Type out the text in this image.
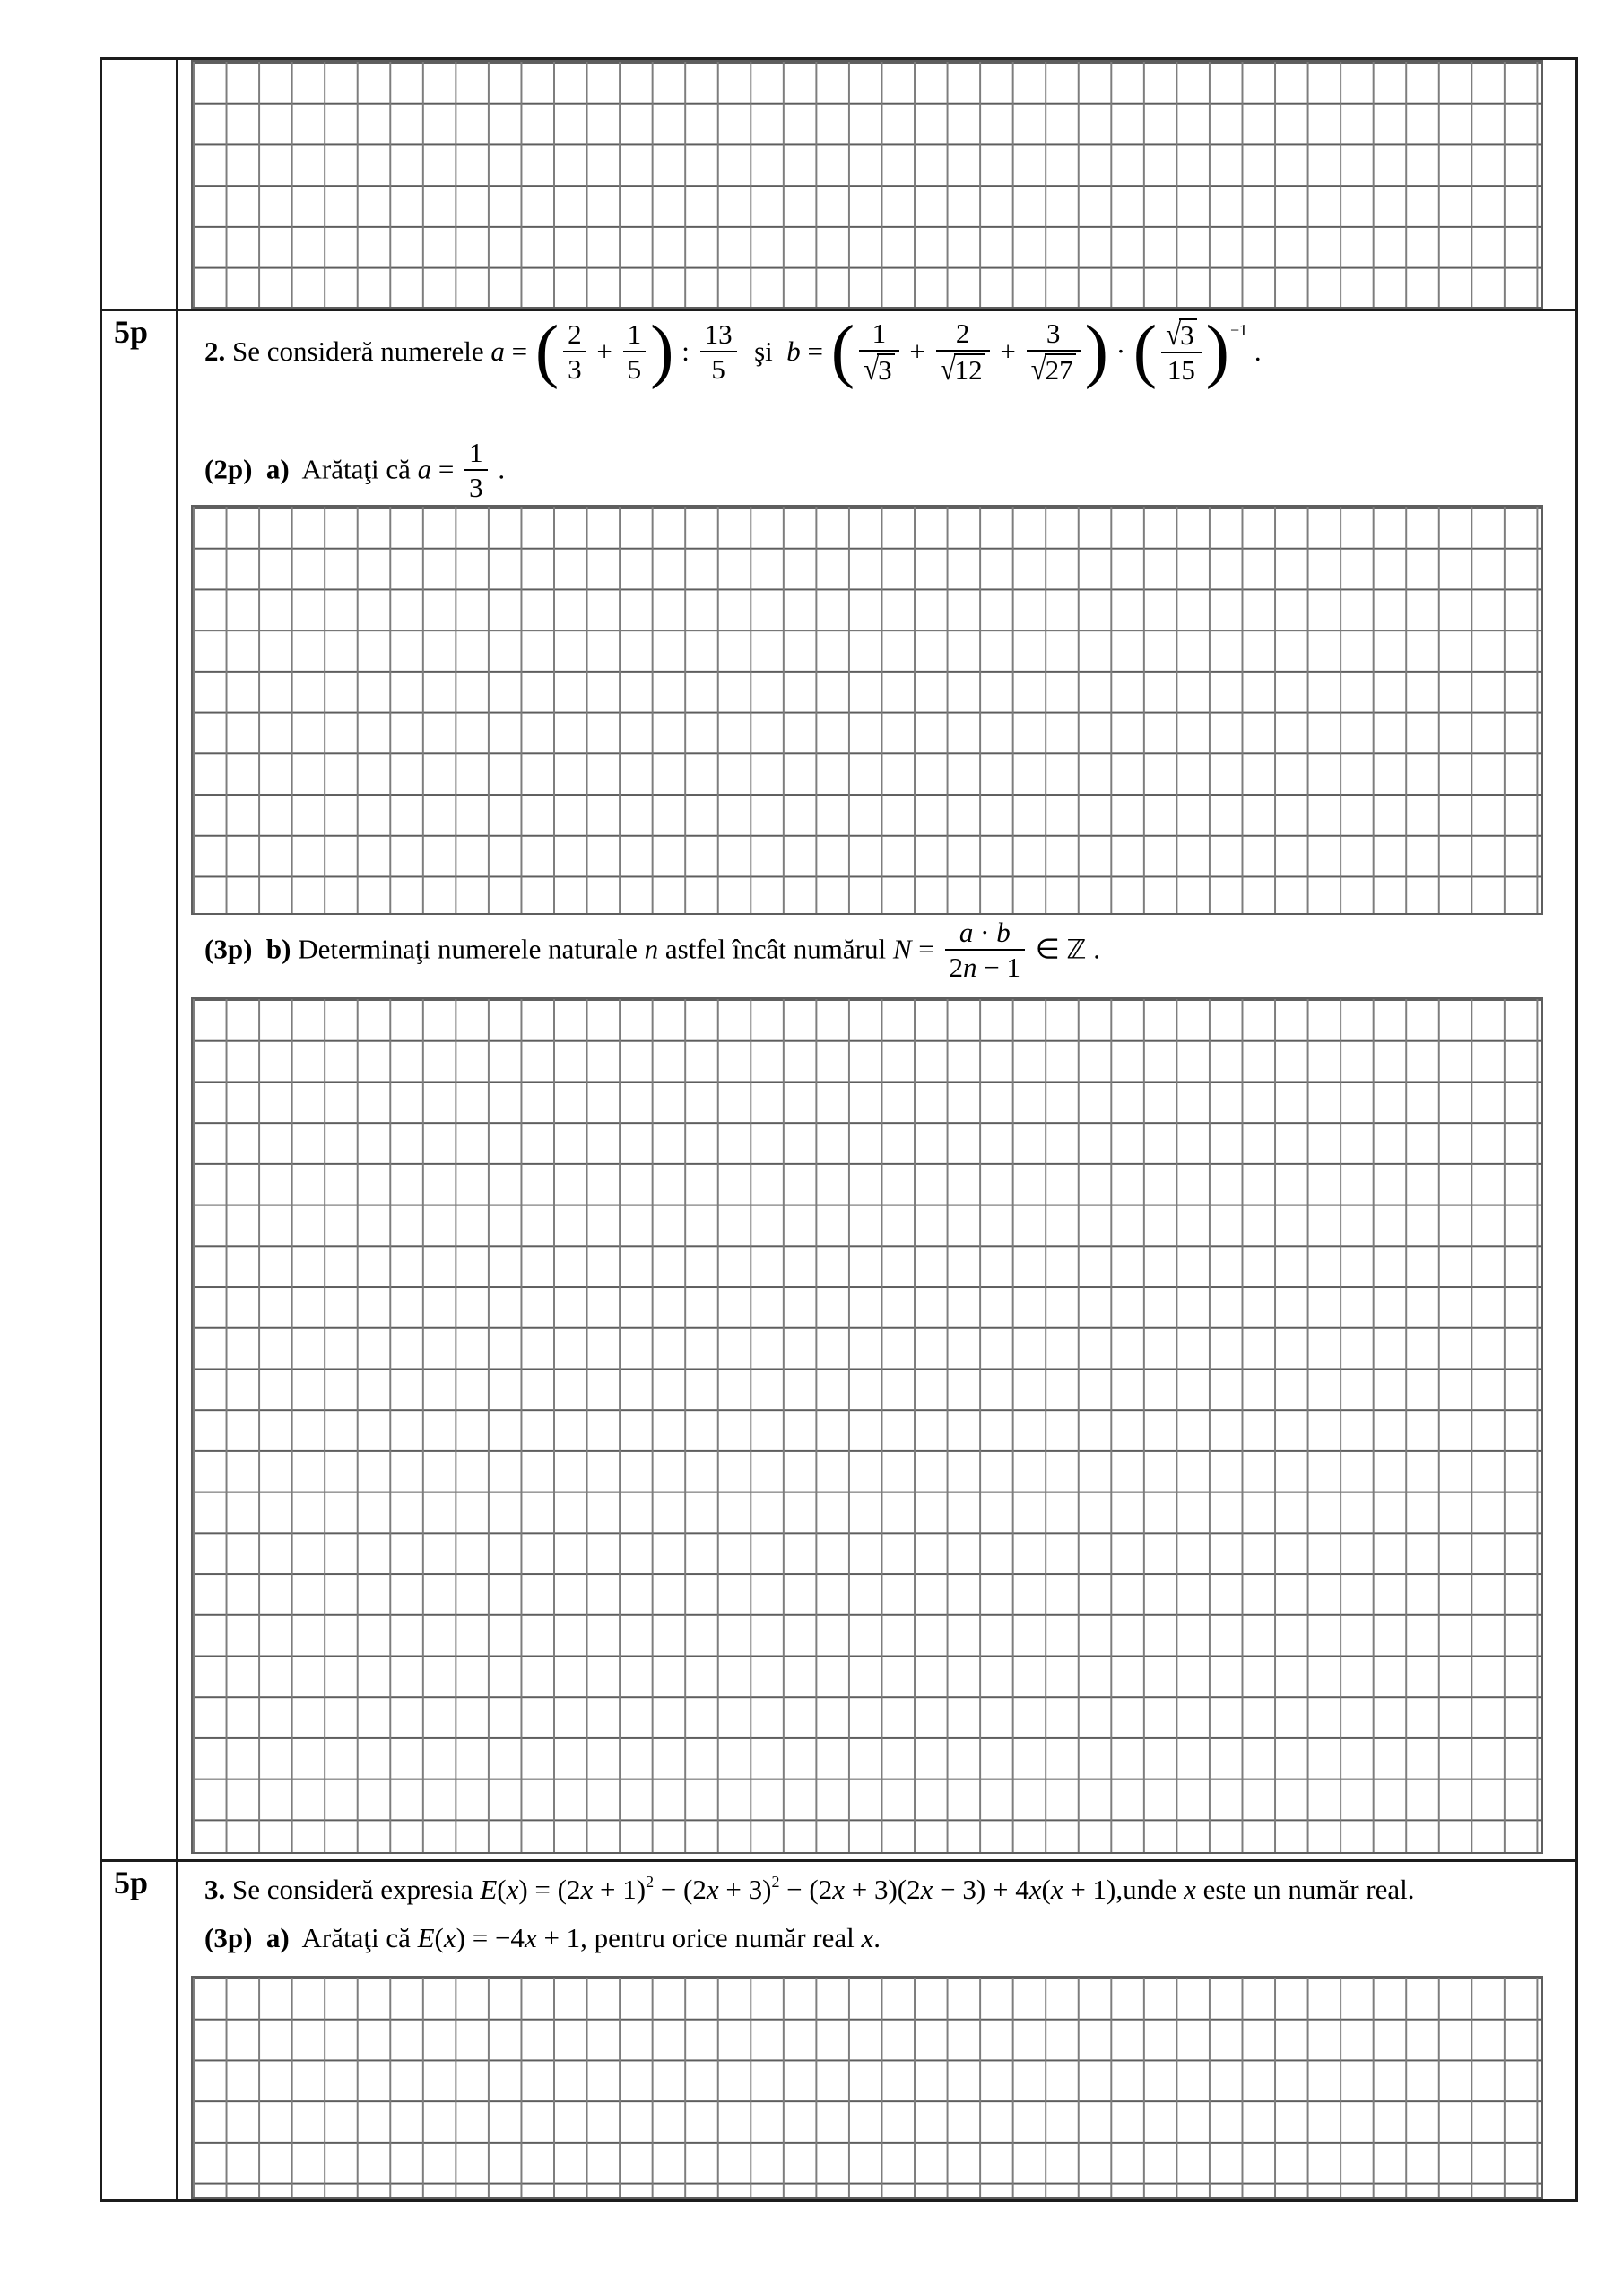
5p
2. Se consideră numerele a = ( $\frac{2}{3} + \frac{1}{5}$ ) : $\frac{13}{5}$ şi  b = ( $\frac{1}{√3} + \frac{2}{√12} + \frac{3}{√27}$ ) · ( $\frac{√3}{15} )^{-1}$ .
(2p)  a)  Arătaţi că $a = \frac{1}{3}$ .
(3p)  b) Determinaţi numerele naturale n astfel încât numărul $N = \frac{a \cdot b}{2n - 1}$ ∈ ℤ .
5p	3. Se consideră expresia $E(x) = (2x + 1)^2 - (2x + 3)^2 - (2x + 3)(2x - 3) + 4x(x$ + 1),unde x este un număr real.
(3p)  a)  Arătaţi că E(x) = −4x + 1, pentru orice număr real x.
